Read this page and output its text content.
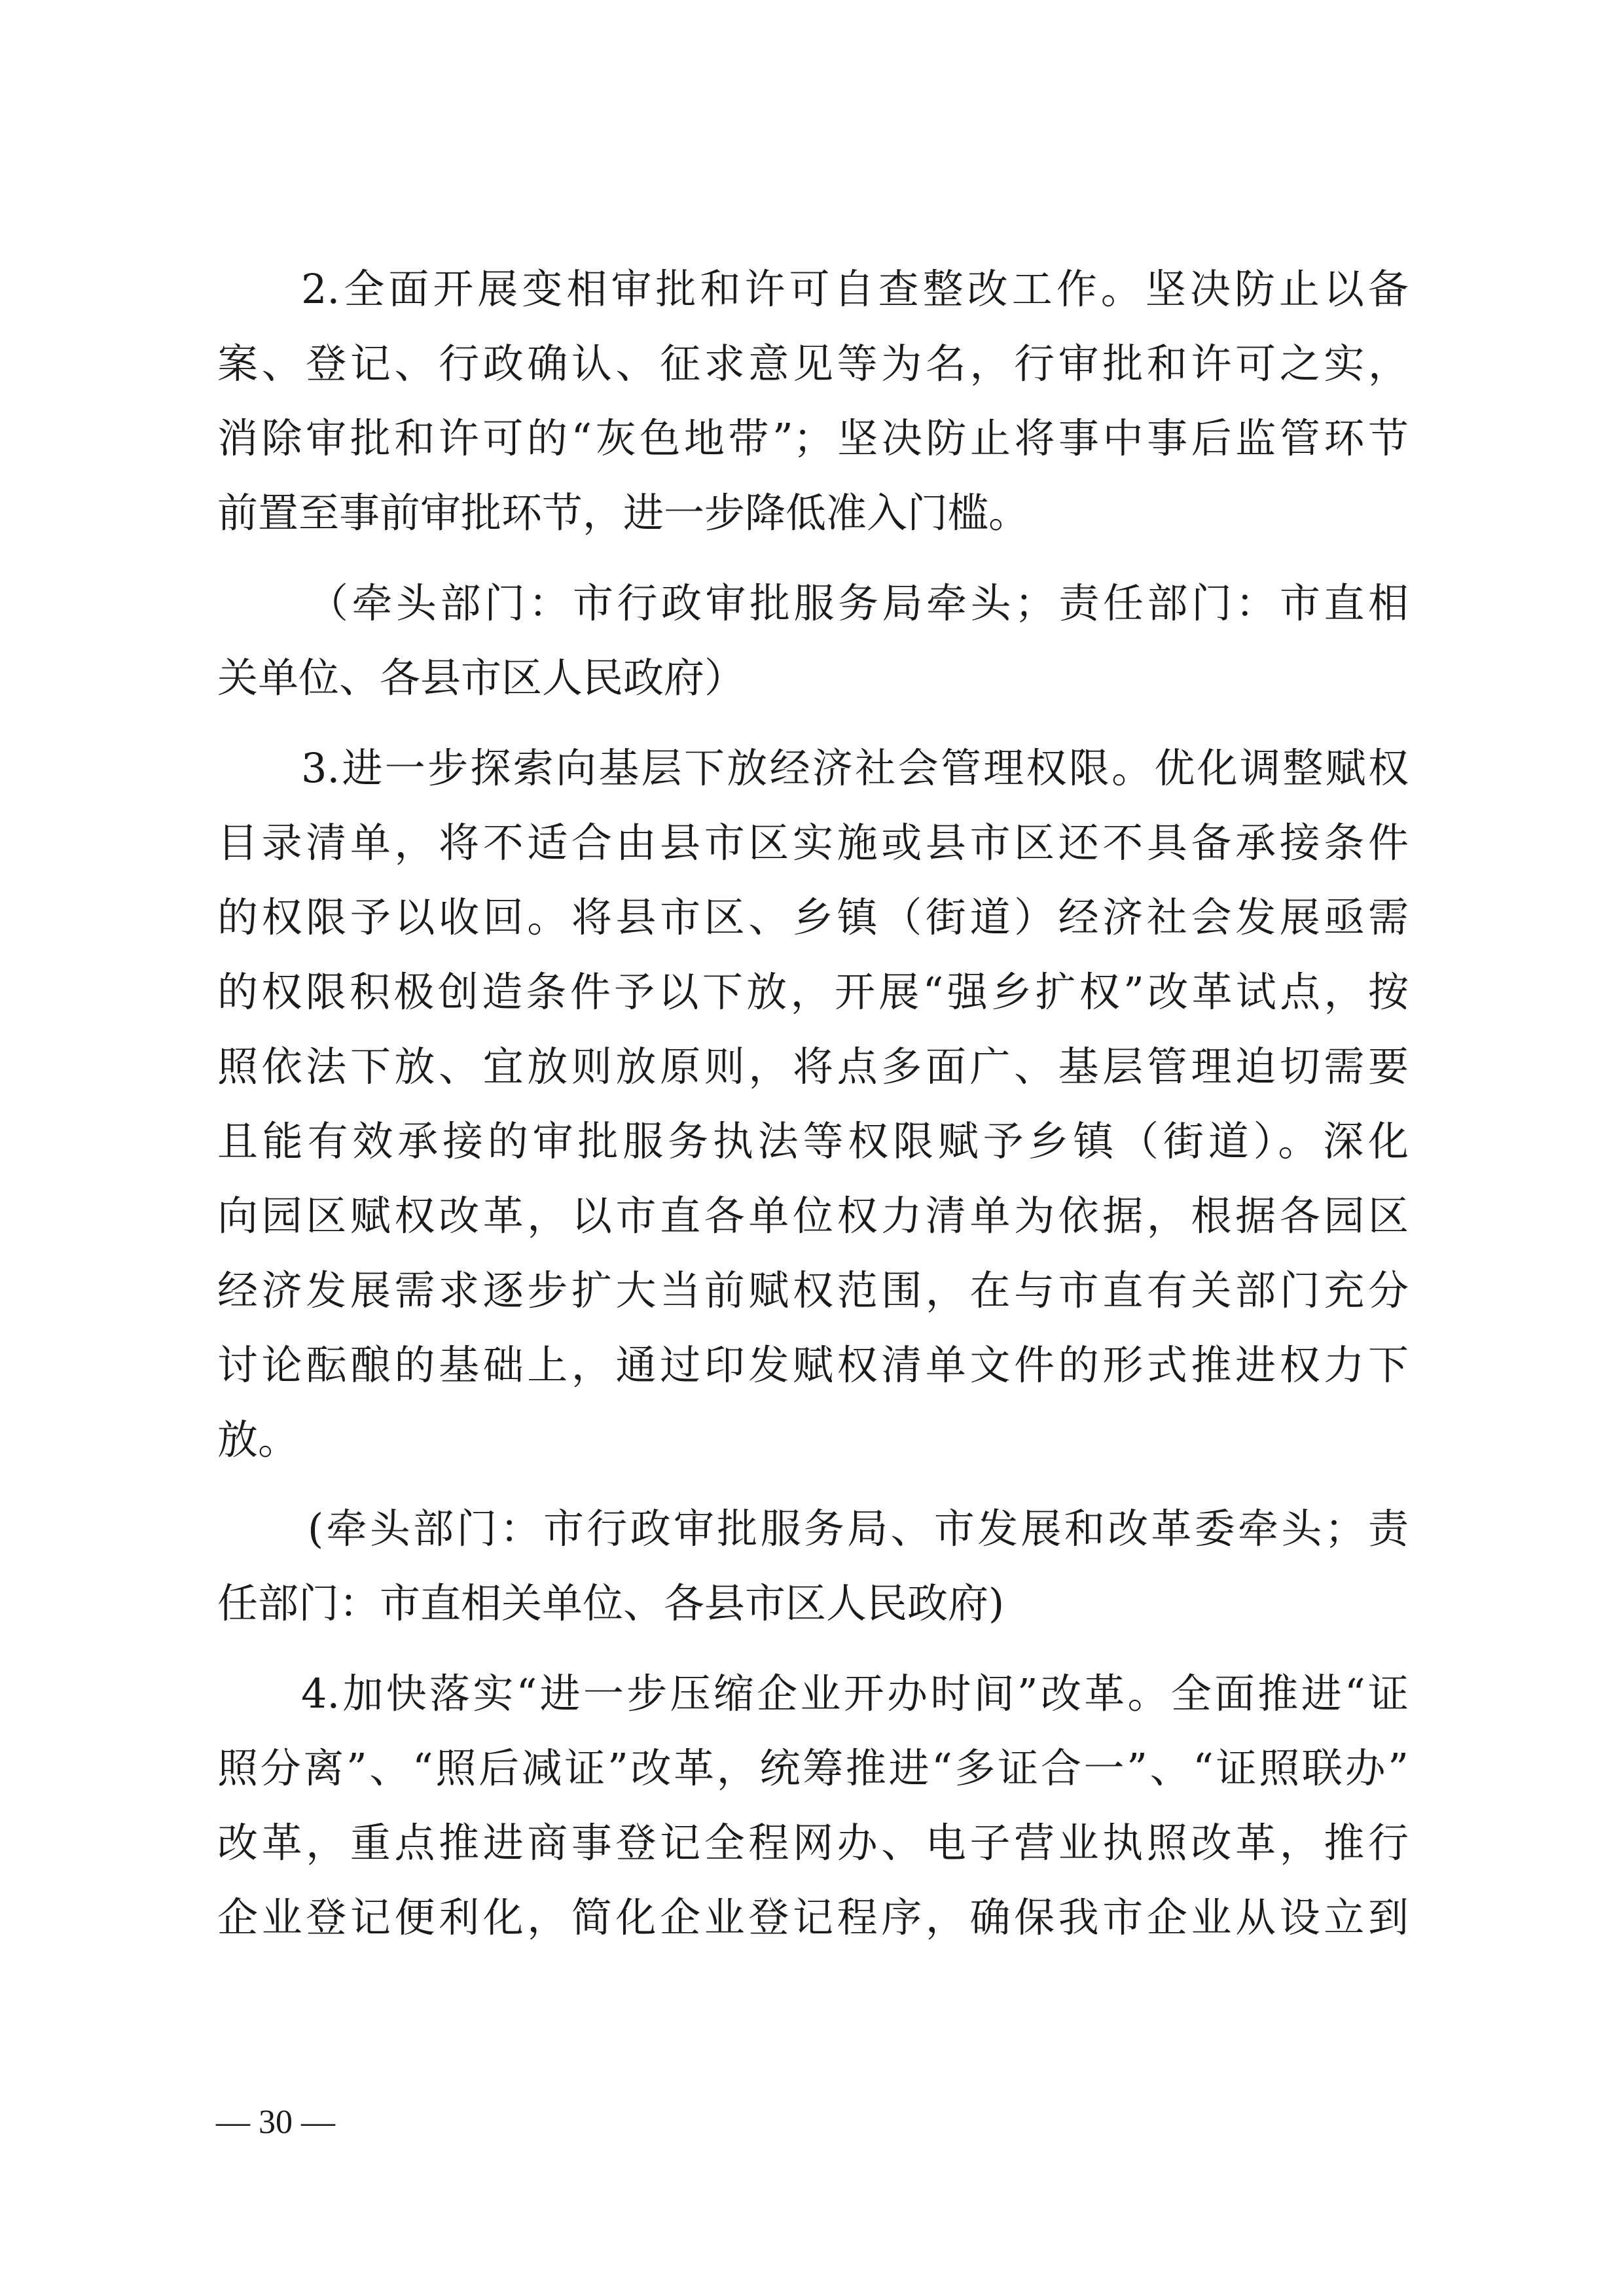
2.全面开展变相审批和许可自查整改工作。坚决防止以备
案、登记、行政确认、征求意见等为名，行审批和许可之实，
消除审批和许可的“灰色地带”；坚决防止将事中事后监管环节
前置至事前审批环节，进一步降低准入门槛。
（牵头部门：市行政审批服务局牵头；责任部门：市直相
关单位、各县市区人民政府）
3.进一步探索向基层下放经济社会管理权限。优化调整赋权
目录清单，将不适合由县市区实施或县市区还不具备承接条件
的权限予以收回。将县市区、乡镇（街道）经济社会发展亟需
的权限积极创造条件予以下放，开展“强乡扩权”改革试点，按
照依法下放、宜放则放原则，将点多面广、基层管理迫切需要
且能有效承接的审批服务执法等权限赋予乡镇（街道）。深化
向园区赋权改革，以市直各单位权力清单为依据，根据各园区
经济发展需求逐步扩大当前赋权范围，在与市直有关部门充分
讨论酝酿的基础上，通过印发赋权清单文件的形式推进权力下
放。
(牵头部门：市行政审批服务局、市发展和改革委牵头；责
任部门：市直相关单位、各县市区人民政府)
4.加快落实“进一步压缩企业开办时间”改革。全面推进“证
照分离”、“照后减证”改革，统筹推进“多证合一”、“证照联办”
改革，重点推进商事登记全程网办、电子营业执照改革，推行
企业登记便利化，简化企业登记程序，确保我市企业从设立到
— 30 —
